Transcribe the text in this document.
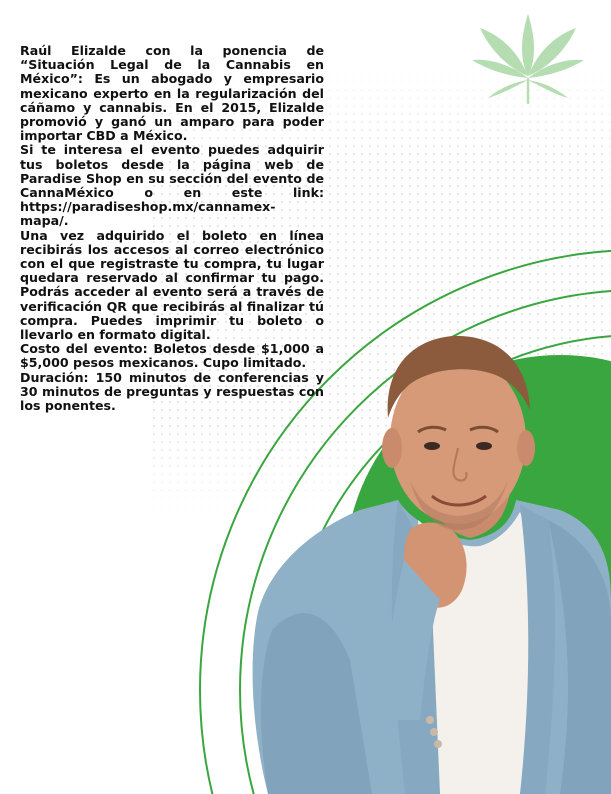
Raúl Elizalde con la ponencia de “Situación Legal de la Cannabis en México”: Es un abogado y empresario mexicano experto en la regularización del cáñamo y cannabis. En el 2015, Elizalde promovió y ganó un amparo para poder importar CBD a México.

Si te interesa el evento puedes adquirir tus boletos desde la página web de Paradise Shop en su sección del evento de CannaMéxico o en este link: https://paradiseshop.mx/cannamex-mapa/.

Una vez adquirido el boleto en línea recibirás los accesos al correo electrónico con el que registraste tu compra, tu lugar quedara reservado al confirmar tu pago. Podrás acceder al evento será a través de verificación QR que recibirás al finalizar tú compra. Puedes imprimir tu boleto o llevarlo en formato digital.

Costo del evento: Boletos desde $1,000 a $5,000 pesos mexicanos. Cupo limitado.

Duración: 150 minutos de conferencias y 30 minutos de preguntas y respuestas con los ponentes.
